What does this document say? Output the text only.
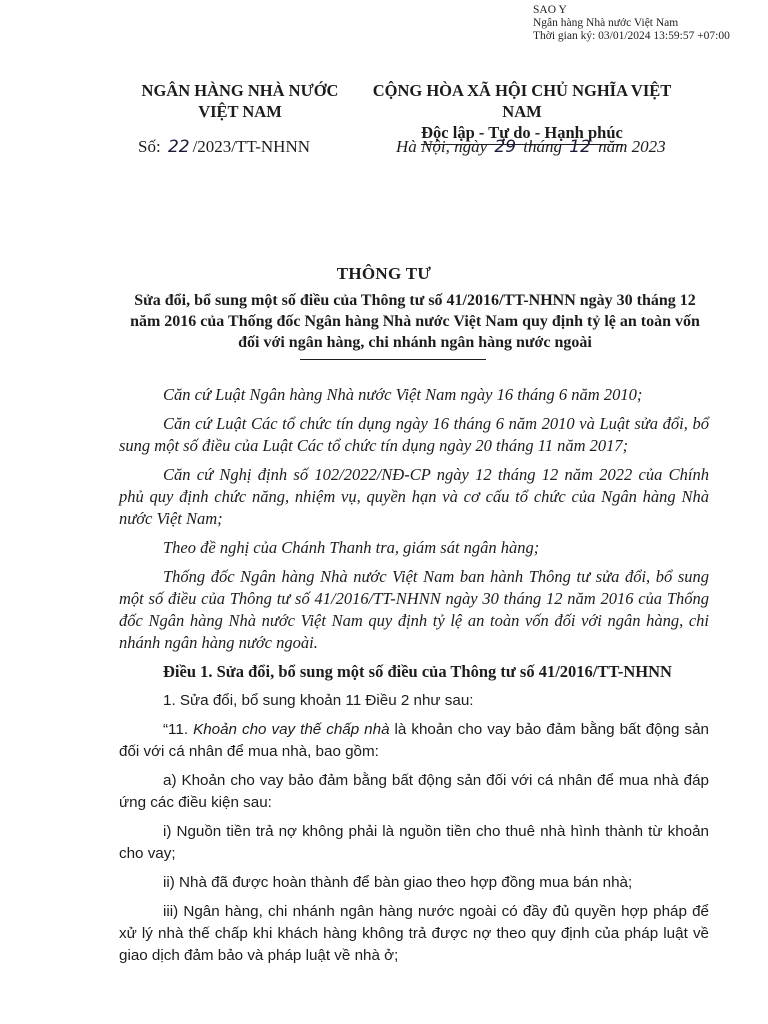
SAO Y
Ngân hàng Nhà nước Việt Nam
Thời gian ký: 03/01/2024 13:59:57 +07:00
NGÂN HÀNG NHÀ NƯỚC
VIỆT NAM
CỘNG HÒA XÃ HỘI CHỦ NGHĨA VIỆT NAM
Độc lập - Tự do - Hạnh phúc
Số: 22 /2023/TT-NHNN	Hà Nội, ngày 29 tháng 12 năm 2023
THÔNG TƯ
Sửa đổi, bổ sung một số điều của Thông tư số 41/2016/TT-NHNN ngày 30 tháng 12 năm 2016 của Thống đốc Ngân hàng Nhà nước Việt Nam quy định tỷ lệ an toàn vốn đối với ngân hàng, chi nhánh ngân hàng nước ngoài

Căn cứ Luật Ngân hàng Nhà nước Việt Nam ngày 16 tháng 6 năm 2010;

Căn cứ Luật Các tổ chức tín dụng ngày 16 tháng 6 năm 2010 và Luật sửa đổi, bổ sung một số điều của Luật Các tổ chức tín dụng ngày 20 tháng 11 năm 2017;

Căn cứ Nghị định số 102/2022/NĐ-CP ngày 12 tháng 12 năm 2022 của Chính phủ quy định chức năng, nhiệm vụ, quyền hạn và cơ cấu tổ chức của Ngân hàng Nhà nước Việt Nam;

Theo đề nghị của Chánh Thanh tra, giám sát ngân hàng;

Thống đốc Ngân hàng Nhà nước Việt Nam ban hành Thông tư sửa đổi, bổ sung một số điều của Thông tư số 41/2016/TT-NHNN ngày 30 tháng 12 năm 2016 của Thống đốc Ngân hàng Nhà nước Việt Nam quy định tỷ lệ an toàn vốn đối với ngân hàng, chi nhánh ngân hàng nước ngoài.

Điều 1. Sửa đổi, bổ sung một số điều của Thông tư số 41/2016/TT-NHNN

1. Sửa đổi, bổ sung khoản 11 Điều 2 như sau:

“11. Khoản cho vay thế chấp nhà là khoản cho vay bảo đảm bằng bất động sản đối với cá nhân để mua nhà, bao gồm:

a) Khoản cho vay bảo đảm bằng bất động sản đối với cá nhân để mua nhà đáp ứng các điều kiện sau:

i) Nguồn tiền trả nợ không phải là nguồn tiền cho thuê nhà hình thành từ khoản cho vay;

ii) Nhà đã được hoàn thành để bàn giao theo hợp đồng mua bán nhà;

iii) Ngân hàng, chi nhánh ngân hàng nước ngoài có đầy đủ quyền hợp pháp để xử lý nhà thế chấp khi khách hàng không trả được nợ theo quy định của pháp luật về giao dịch đảm bảo và pháp luật về nhà ở;
